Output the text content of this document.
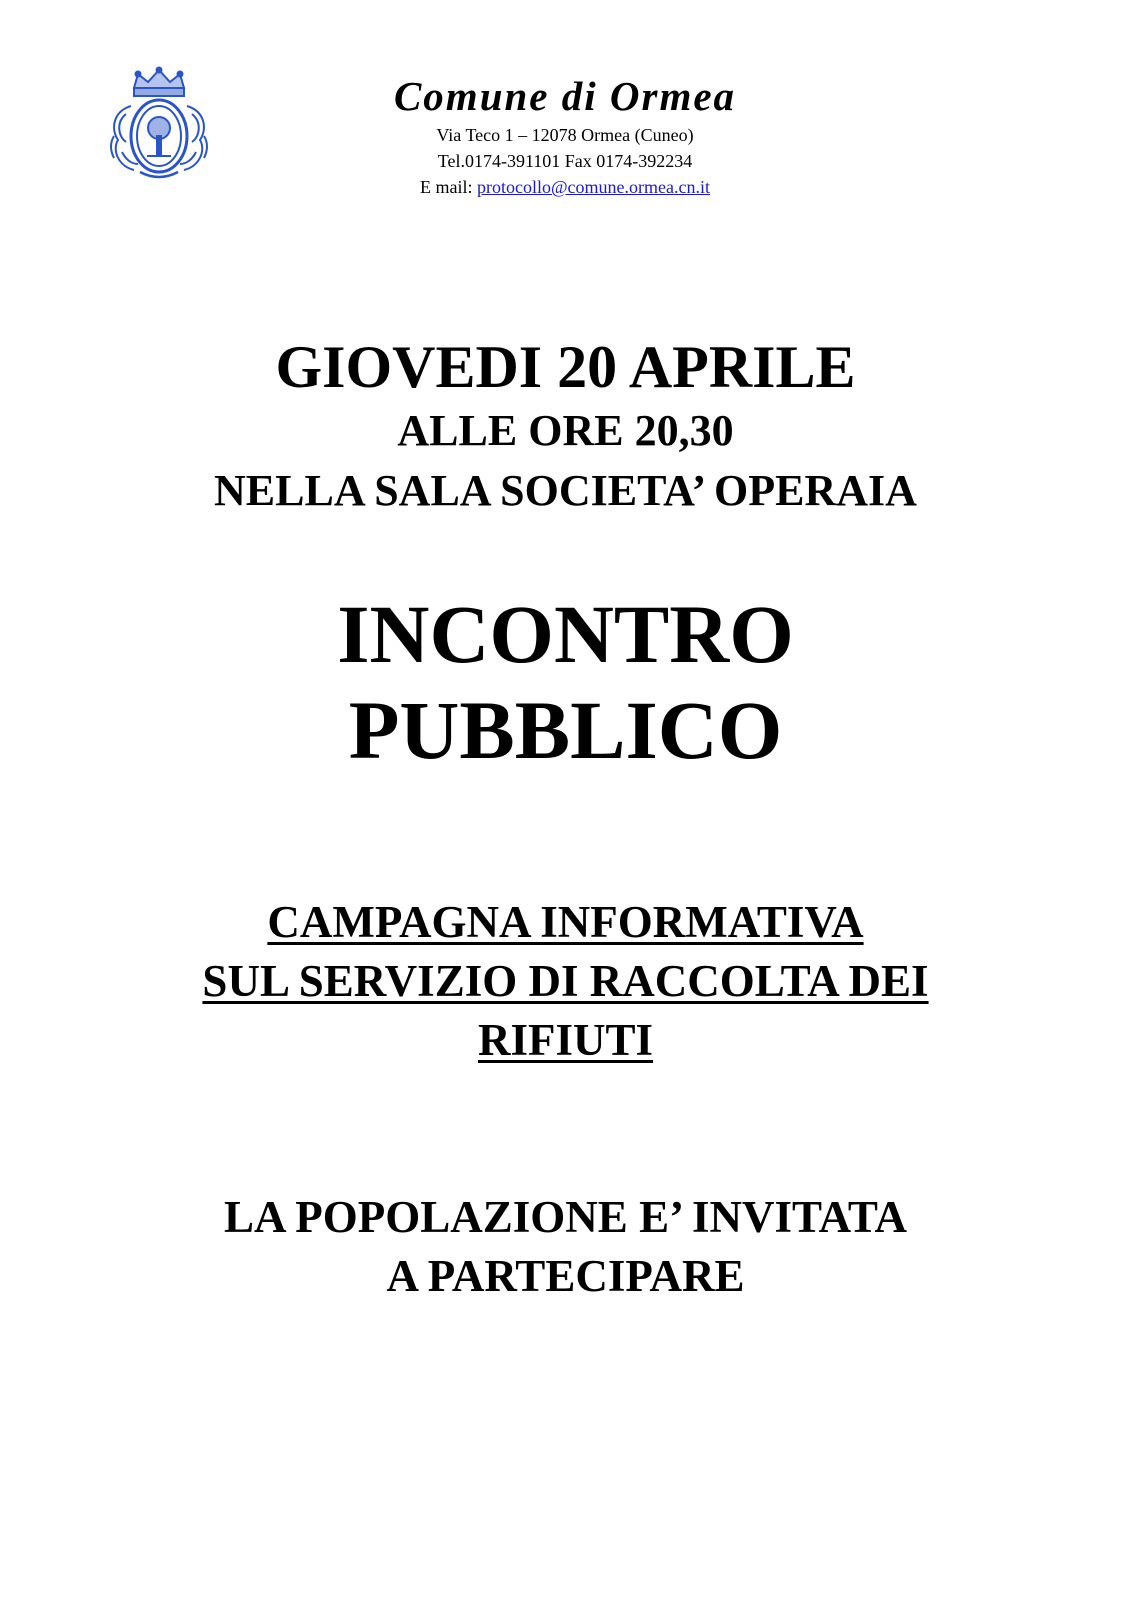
Comune di Ormea

Via Teco 1 – 12078 Ormea (Cuneo)

Tel.0174-391101 Fax 0174-392234

E mail: protocollo@comune.ormea.cn.it

GIOVEDI 20 APRILE

ALLE ORE 20,30

NELLA SALA SOCIETA’ OPERAIA

INCONTRO

PUBBLICO

CAMPAGNA INFORMATIVA
SUL SERVIZIO DI RACCOLTA DEI
RIFIUTI
LA POPOLAZIONE E’ INVITATA
A PARTECIPARE
